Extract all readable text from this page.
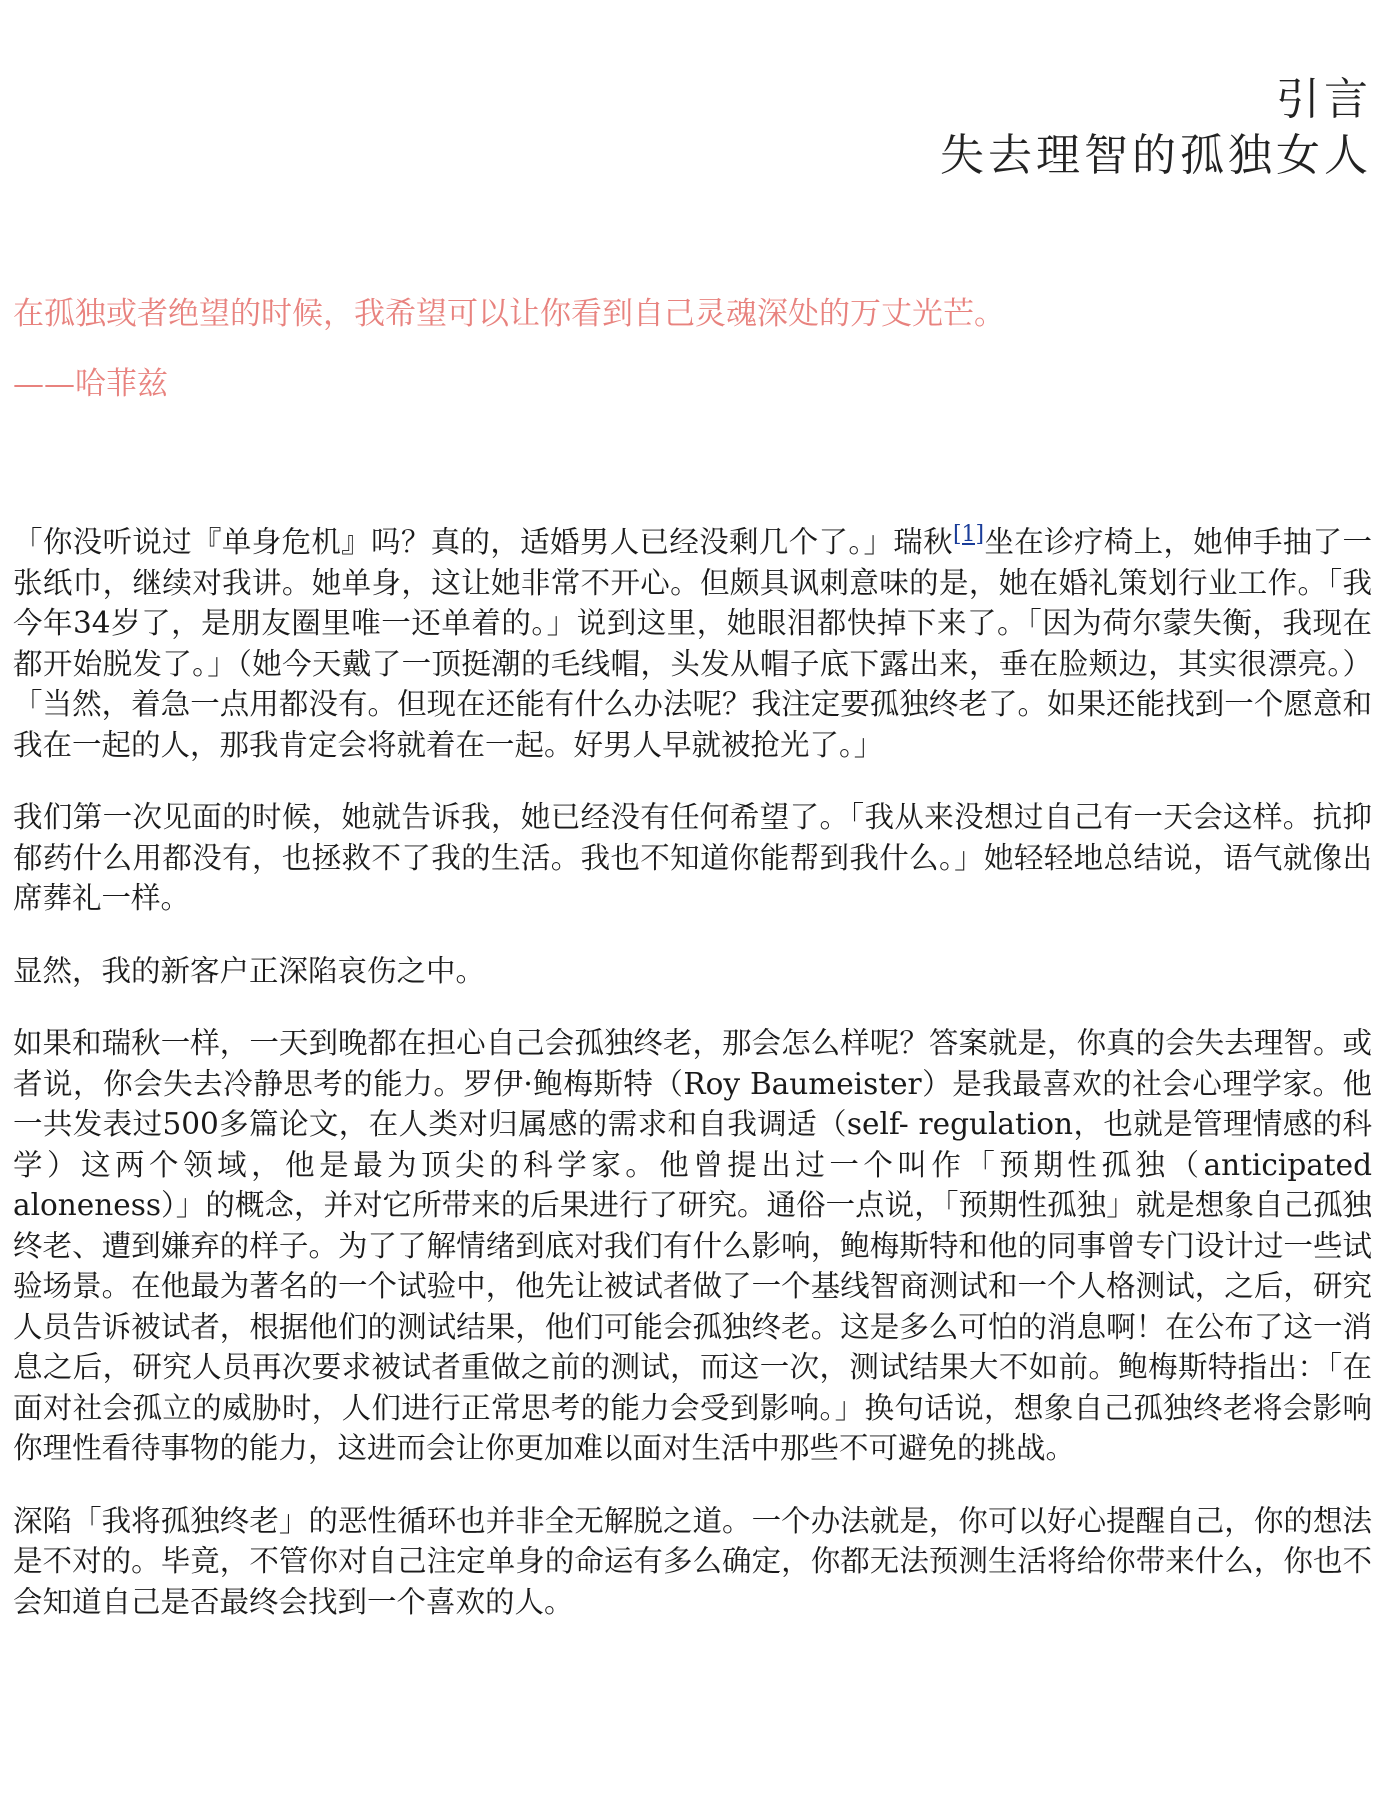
引言
失去理智的孤独女人

在孤独或者绝望的时候，我希望可以让你看到自己灵魂深处的万丈光芒。

——哈菲兹

「你没听说过『单身危机』吗？真的，适婚男人已经没剩几个了。」瑞秋[1]坐在诊疗椅上，她伸手抽了一张纸巾，继续对我讲。她单身，这让她非常不开心。但颇具讽刺意味的是，她在婚礼策划行业工作。「我今年34岁了，是朋友圈里唯一还单着的。」说到这里，她眼泪都快掉下来了。「因为荷尔蒙失衡，我现在都开始脱发了。」（她今天戴了一顶挺潮的毛线帽，头发从帽子底下露出来，垂在脸颊边，其实很漂亮。）「当然，着急一点用都没有。但现在还能有什么办法呢？我注定要孤独终老了。如果还能找到一个愿意和我在一起的人，那我肯定会将就着在一起。好男人早就被抢光了。」

我们第一次见面的时候，她就告诉我，她已经没有任何希望了。「我从来没想过自己有一天会这样。抗抑郁药什么用都没有，也拯救不了我的生活。我也不知道你能帮到我什么。」她轻轻地总结说，语气就像出席葬礼一样。

显然，我的新客户正深陷哀伤之中。

如果和瑞秋一样，一天到晚都在担心自己会孤独终老，那会怎么样呢？答案就是，你真的会失去理智。或者说，你会失去冷静思考的能力。罗伊·鲍梅斯特（Roy Baumeister）是我最喜欢的社会心理学家。他一共发表过500多篇论文，在人类对归属感的需求和自我调适（self- regulation，也就是管理情感的科学）这两个领域，他是最为顶尖的科学家。他曾提出过一个叫作「预期性孤独（anticipated aloneness）」的概念，并对它所带来的后果进行了研究。通俗一点说，「预期性孤独」就是想象自己孤独终老、遭到嫌弃的样子。为了了解情绪到底对我们有什么影响，鲍梅斯特和他的同事曾专门设计过一些试验场景。在他最为著名的一个试验中，他先让被试者做了一个基线智商测试和一个人格测试，之后，研究人员告诉被试者，根据他们的测试结果，他们可能会孤独终老。这是多么可怕的消息啊！在公布了这一消息之后，研究人员再次要求被试者重做之前的测试，而这一次，测试结果大不如前。鲍梅斯特指出：「在面对社会孤立的威胁时，人们进行正常思考的能力会受到影响。」换句话说，想象自己孤独终老将会影响你理性看待事物的能力，这进而会让你更加难以面对生活中那些不可避免的挑战。

深陷「我将孤独终老」的恶性循环也并非全无解脱之道。一个办法就是，你可以好心提醒自己，你的想法是不对的。毕竟，不管你对自己注定单身的命运有多么确定，你都无法预测生活将给你带来什么，你也不会知道自己是否最终会找到一个喜欢的人。
